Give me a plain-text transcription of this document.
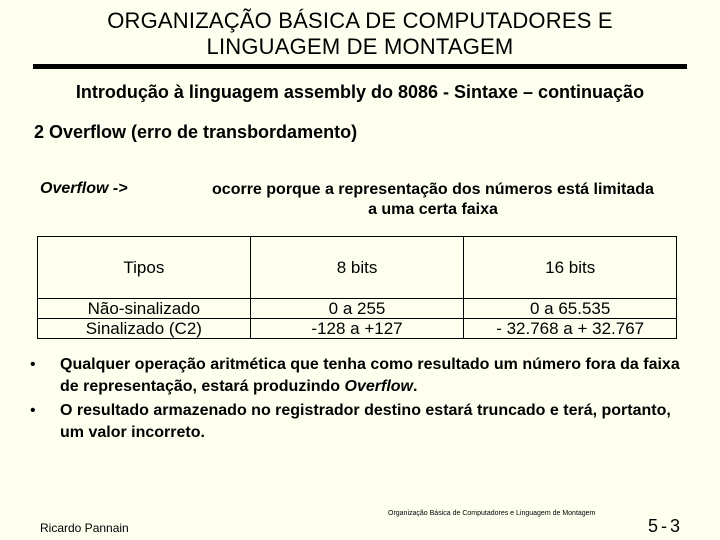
ORGANIZAÇÃO BÁSICA DE COMPUTADORES E
LINGUAGEM DE MONTAGEM
Introdução à linguagem assembly do 8086 - Sintaxe – continuação
2 Overflow (erro de transbordamento)
Overflow ->	ocorre porque a representação dos números está limitada
a uma certa faixa
Tipos	8 bits	16 bits
Não-sinalizado	0 a 255	0 a 65.535
Sinalizado (C2)	-128 a +127	- 32.768 a + 32.767
• Qualquer operação aritmética que tenha como resultado um número fora da faixa de representação, estará produzindo Overflow.
• O resultado armazenado no registrador destino estará truncado e terá, portanto, um valor incorreto.
Organização Básica de Computadores e Linguagem de Montagem
Ricardo Pannain	5-3
